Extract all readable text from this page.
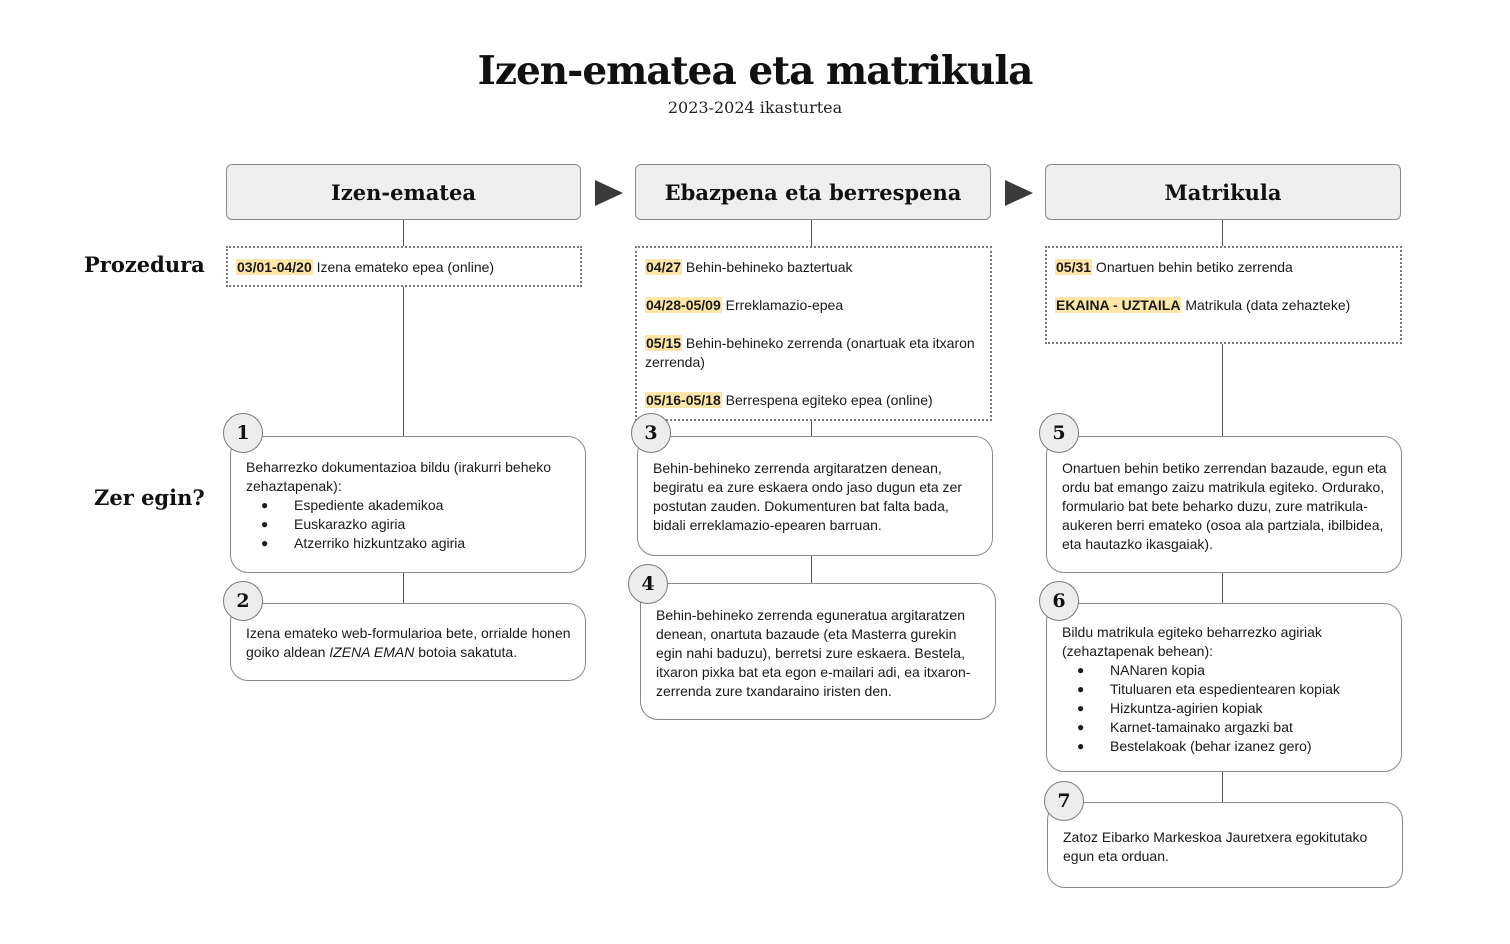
Izen-ematea eta matrikula
2023-2024 ikasturtea
Prozedura
Zer egin?
Izen-ematea	Ebazpena eta berrespena	Matrikula

03/01-04/20 Izena emateko epea (online)	04/27 Behin-behineko baztertuak

04/28-05/09 Erreklamazio-epea

05/15 Behin-behineko zerrenda (onartuak eta itxaron zerrenda)

05/16-05/18 Berrespena egiteko epea (online)

05/31 Onartuen behin betiko zerrenda

EKAINA - UZTAILA Matrikula (data zehazteke)

Beharrezko dokumentazioa bildu (irakurri beheko zehaztapenak):
● Espediente akademikoa
● Euskarazko agiria
● Atzerriko hizkuntzako agiria
1
Izena emateko web-formularioa bete, orrialde honen goiko aldean IZENA EMAN botoia sakatuta.
2
Behin-behineko zerrenda argitaratzen denean, begiratu ea zure eskaera ondo jaso dugun eta zer postutan zauden. Dokumenturen bat falta bada, bidali erreklamazio-epearen barruan.
3
Behin-behineko zerrenda eguneratua argitaratzen denean, onartuta bazaude (eta Masterra gurekin egin nahi baduzu), berretsi zure eskaera. Bestela, itxaron pixka bat eta egon e-mailari adi, ea itxaron-zerrenda zure txandaraino iristen den.
4
Onartuen behin betiko zerrendan bazaude, egun eta ordu bat emango zaizu matrikula egiteko. Ordurako, formulario bat bete beharko duzu, zure matrikula-aukeren berri emateko (osoa ala partziala, ibilbidea, eta hautazko ikasgaiak).
5
Bildu matrikula egiteko beharrezko agiriak (zehaztapenak behean):
● NANaren kopia
● Tituluaren eta espedientearen kopiak
● Hizkuntza-agirien kopiak
● Karnet-tamainako argazki bat
● Bestelakoak (behar izanez gero)
6
Zatoz Eibarko Markeskoa Jauretxera egokitutako egun eta orduan.
7
